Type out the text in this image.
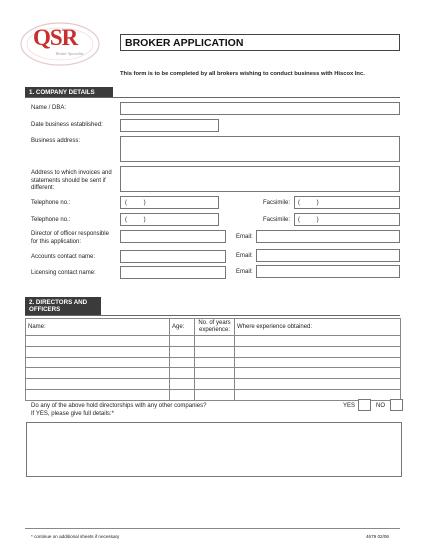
QSR
Broker Specialist
BROKER APPLICATION
This form is to be completed by all brokers wishing to conduct business with Hiscox Inc.
1. COMPANY DETAILS
Name / DBA:
Date business established:
Business address:
Address to which invoices and statements should be sent if different:
Telephone no.:	(          )	Facsimile: (          )
Telephone no.:	(          )	Facsimile: (          )
Director of officer responsible for this application:
Email:
Accounts contact name:	Email:
Licensing contact name:	Email:
2. DIRECTORS AND OFFICERS
Name:	Age:	No. of years experience:	Where experience obtained:

Do any of the above hold directorships with any other companies?	YES	NO
If YES, please give full details:*
* continue on additional sheets if necessary	4679 02/06
